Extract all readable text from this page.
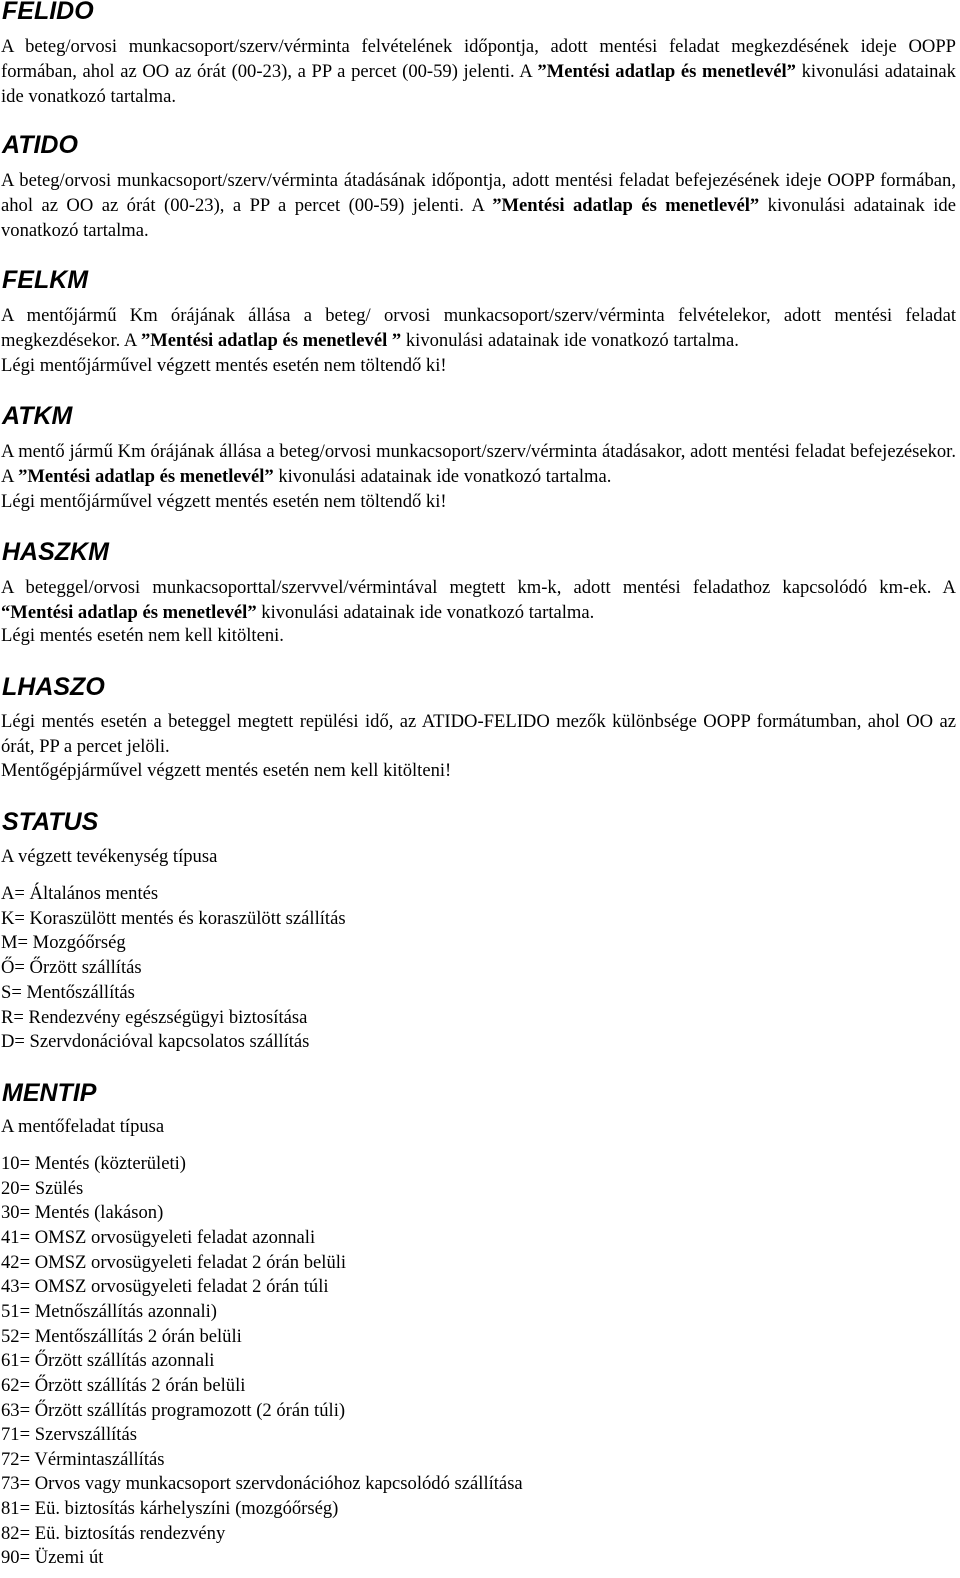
FELIDO

A beteg/orvosi munkacsoport/szerv/vérminta felvételének időpontja, adott mentési feladat megkezdésének ideje OOPP formában, ahol az OO az órát (00-23), a PP a percet (00-59) jelenti. A ”Mentési adatlap és menetlevél” kivonulási adatainak ide vonatkozó tartalma.

ATIDO

A beteg/orvosi munkacsoport/szerv/vérminta átadásának időpontja, adott mentési feladat befejezésének ideje OOPP formában, ahol az OO az órát (00-23), a PP a percet (00-59) jelenti. A ”Mentési adatlap és menetlevél” kivonulási adatainak ide vonatkozó tartalma.

FELKM

A mentőjármű Km órájának állása a beteg/ orvosi munkacsoport/szerv/vérminta felvételekor, adott mentési feladat megkezdésekor. A ”Mentési adatlap és menetlevél ” kivonulási adatainak ide vonatkozó tartalma.

Légi mentőjárművel végzett mentés esetén nem töltendő ki!
ATKM

A mentő jármű Km órájának állása a beteg/orvosi munkacsoport/szerv/vérminta átadásakor, adott mentési feladat befejezésekor. A ”Mentési adatlap és menetlevél” kivonulási adatainak ide vonatkozó tartalma.

Légi mentőjárművel végzett mentés esetén nem töltendő ki!
HASZKM

A beteggel/orvosi munkacsoporttal/szervvel/vérmintával megtett km-k, adott mentési feladathoz kapcsolódó km-ek. A “Mentési adatlap és menetlevél” kivonulási adatainak ide vonatkozó tartalma.

Légi mentés esetén nem kell kitölteni.
LHASZO

Légi mentés esetén a beteggel megtett repülési idő, az ATIDO-FELIDO mezők különbsége OOPP formátumban, ahol OO az órát, PP a percet jelöli.

Mentőgépjárművel végzett mentés esetén nem kell kitölteni!
STATUS
A végzett tevékenység típusa
A= Általános mentés
K= Koraszülött mentés és koraszülött szállítás
M= Mozgóőrség
Ő= Őrzött szállítás
S= Mentőszállítás
R= Rendezvény egészségügyi biztosítása
D= Szervdonációval kapcsolatos szállítás
MENTIP
A mentőfeladat típusa
10= Mentés (közterületi)
20= Szülés
30= Mentés (lakáson)
41= OMSZ orvosügyeleti feladat azonnali
42= OMSZ orvosügyeleti feladat 2 órán belüli
43= OMSZ orvosügyeleti feladat 2 órán túli
51= Metnőszállítás azonnali)
52= Mentőszállítás 2 órán belüli
61= Őrzött szállítás azonnali
62= Őrzött szállítás 2 órán belüli
63= Őrzött szállítás programozott (2 órán túli)
71= Szervszállítás
72= Vérmintaszállítás
73= Orvos vagy munkacsoport szervdonációhoz kapcsolódó szállítása
81= Eü. biztosítás kárhelyszíni (mozgóőrség)
82= Eü. biztosítás rendezvény
90= Üzemi út
